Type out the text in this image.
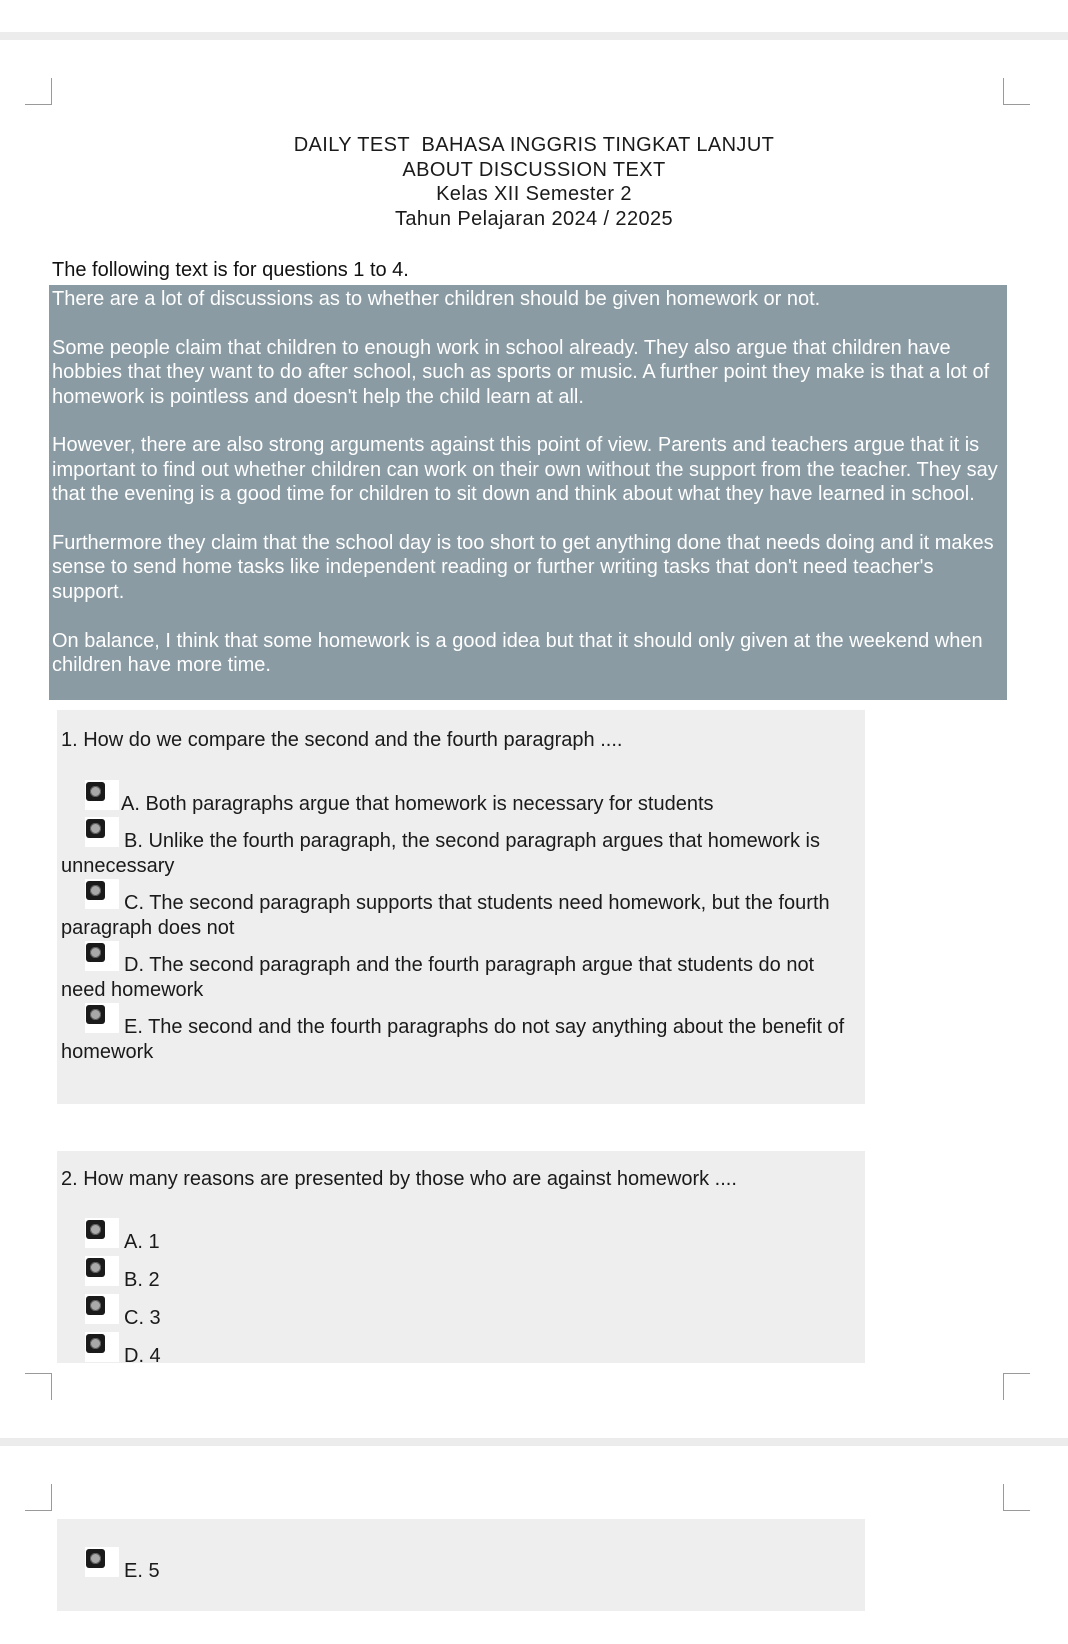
DAILY TEST  BAHASA INGGRIS TINGKAT LANJUT
ABOUT DISCUSSION TEXT
Kelas XII Semester 2
Tahun Pelajaran 2024 / 22025
The following text is for questions 1 to 4.

There are a lot of discussions as to whether children should be given homework or not.

Some people claim that children to enough work in school already. They also argue that children have hobbies that they want to do after school, such as sports or music. A further point they make is that a lot of homework is pointless and doesn't help the child learn at all.

However, there are also strong arguments against this point of view. Parents and teachers argue that it is important to find out whether children can work on their own without the support from the teacher. They say that the evening is a good time for children to sit down and think about what they have learned in school.

Furthermore they claim that the school day is too short to get anything done that needs doing and it makes sense to send home tasks like independent reading or further writing tasks that don't need teacher's support.

On balance, I think that some homework is a good idea but that it should only given at the weekend when children have more time.

1. How do we compare the second and the fourth paragraph ....
A. Both paragraphs argue that homework is necessary for students
B. Unlike the fourth paragraph, the second paragraph argues that homework is unnecessary
C. The second paragraph supports that students need homework, but the fourth paragraph does not
D. The second paragraph and the fourth paragraph argue that students do not need homework
E. The second and the fourth paragraphs do not say anything about the benefit of homework
2. How many reasons are presented by those who are against homework ....
A. 1
B. 2
C. 3
D. 4
E. 5
